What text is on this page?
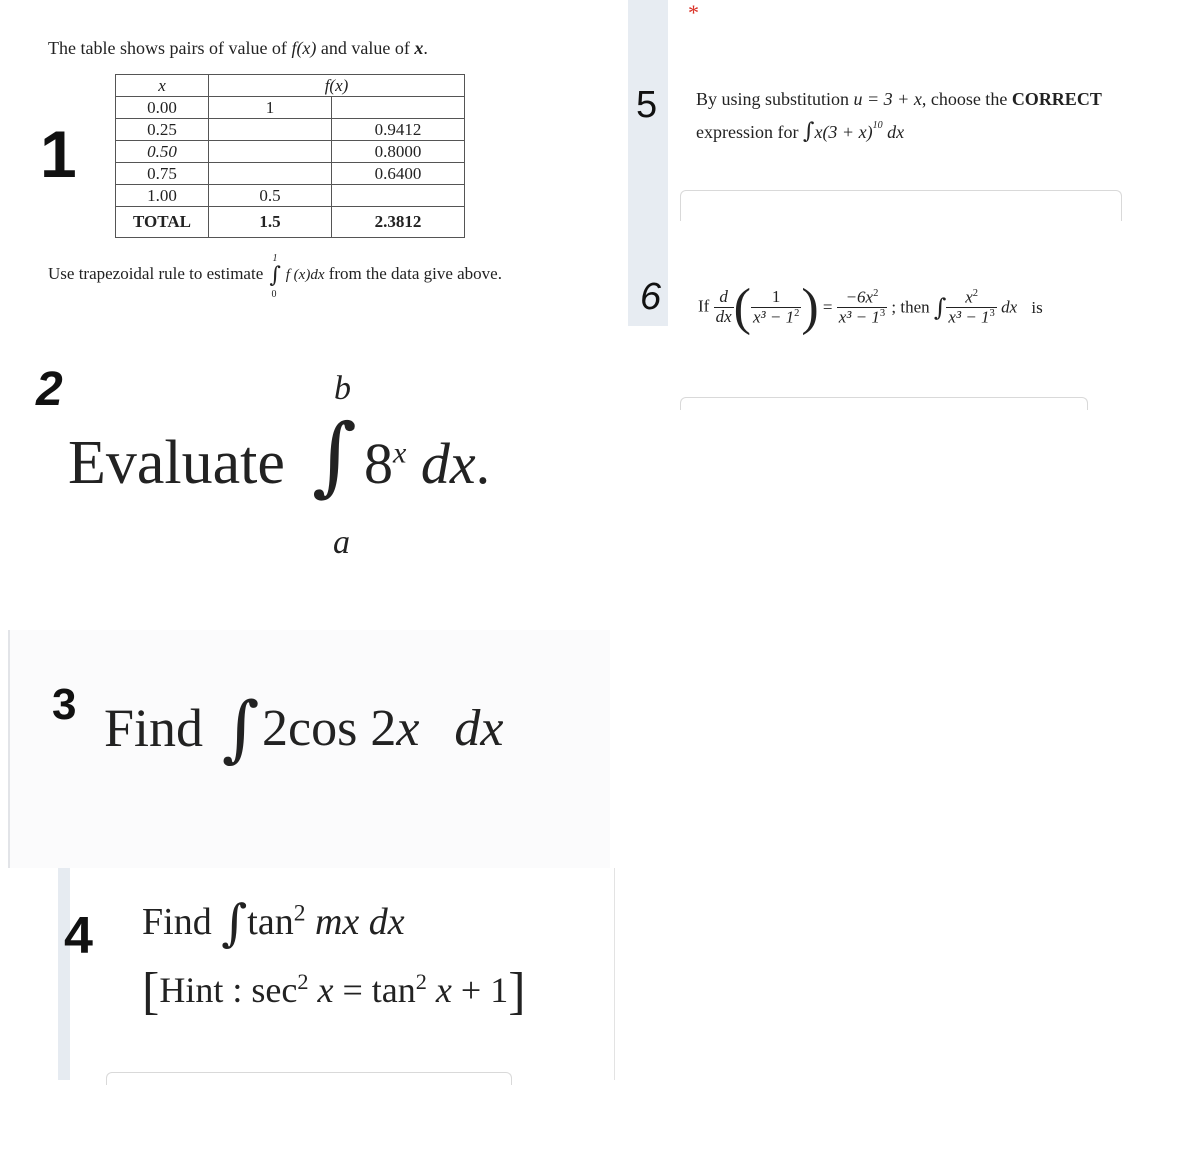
1
The table shows pairs of value of f(x) and value of x.
x	f(x)	
0.00	1	
0.25		0.9412
0.50		0.8000
0.75		0.6400
1.00	0.5	
TOTAL	1.5	2.3812
Use trapezoidal rule to estimate
1
∫
0
f (x)dx from the data give above.
2
Evaluate
b
∫
a
8$^x$ dx.
3 Find ∫ 2cos 2x dx
4 Find $\int\tan^2$ mx dx
[Hint : $\sec^2 x = \tan^2 x + 1$]
*
5 By using substitution u = 3 + x, choose the CORRECT
expression for $\int x(3 + x)^{10}$ dx
6 If $\frac{d}{dx}$ ( $\frac{1}{x^3 - 1^2}$ ) = $\frac{-6x^2}{x^3 - 1^3}$ ; then ∫ $\frac{x^2}{x^3 - 1^3}$ dx is
